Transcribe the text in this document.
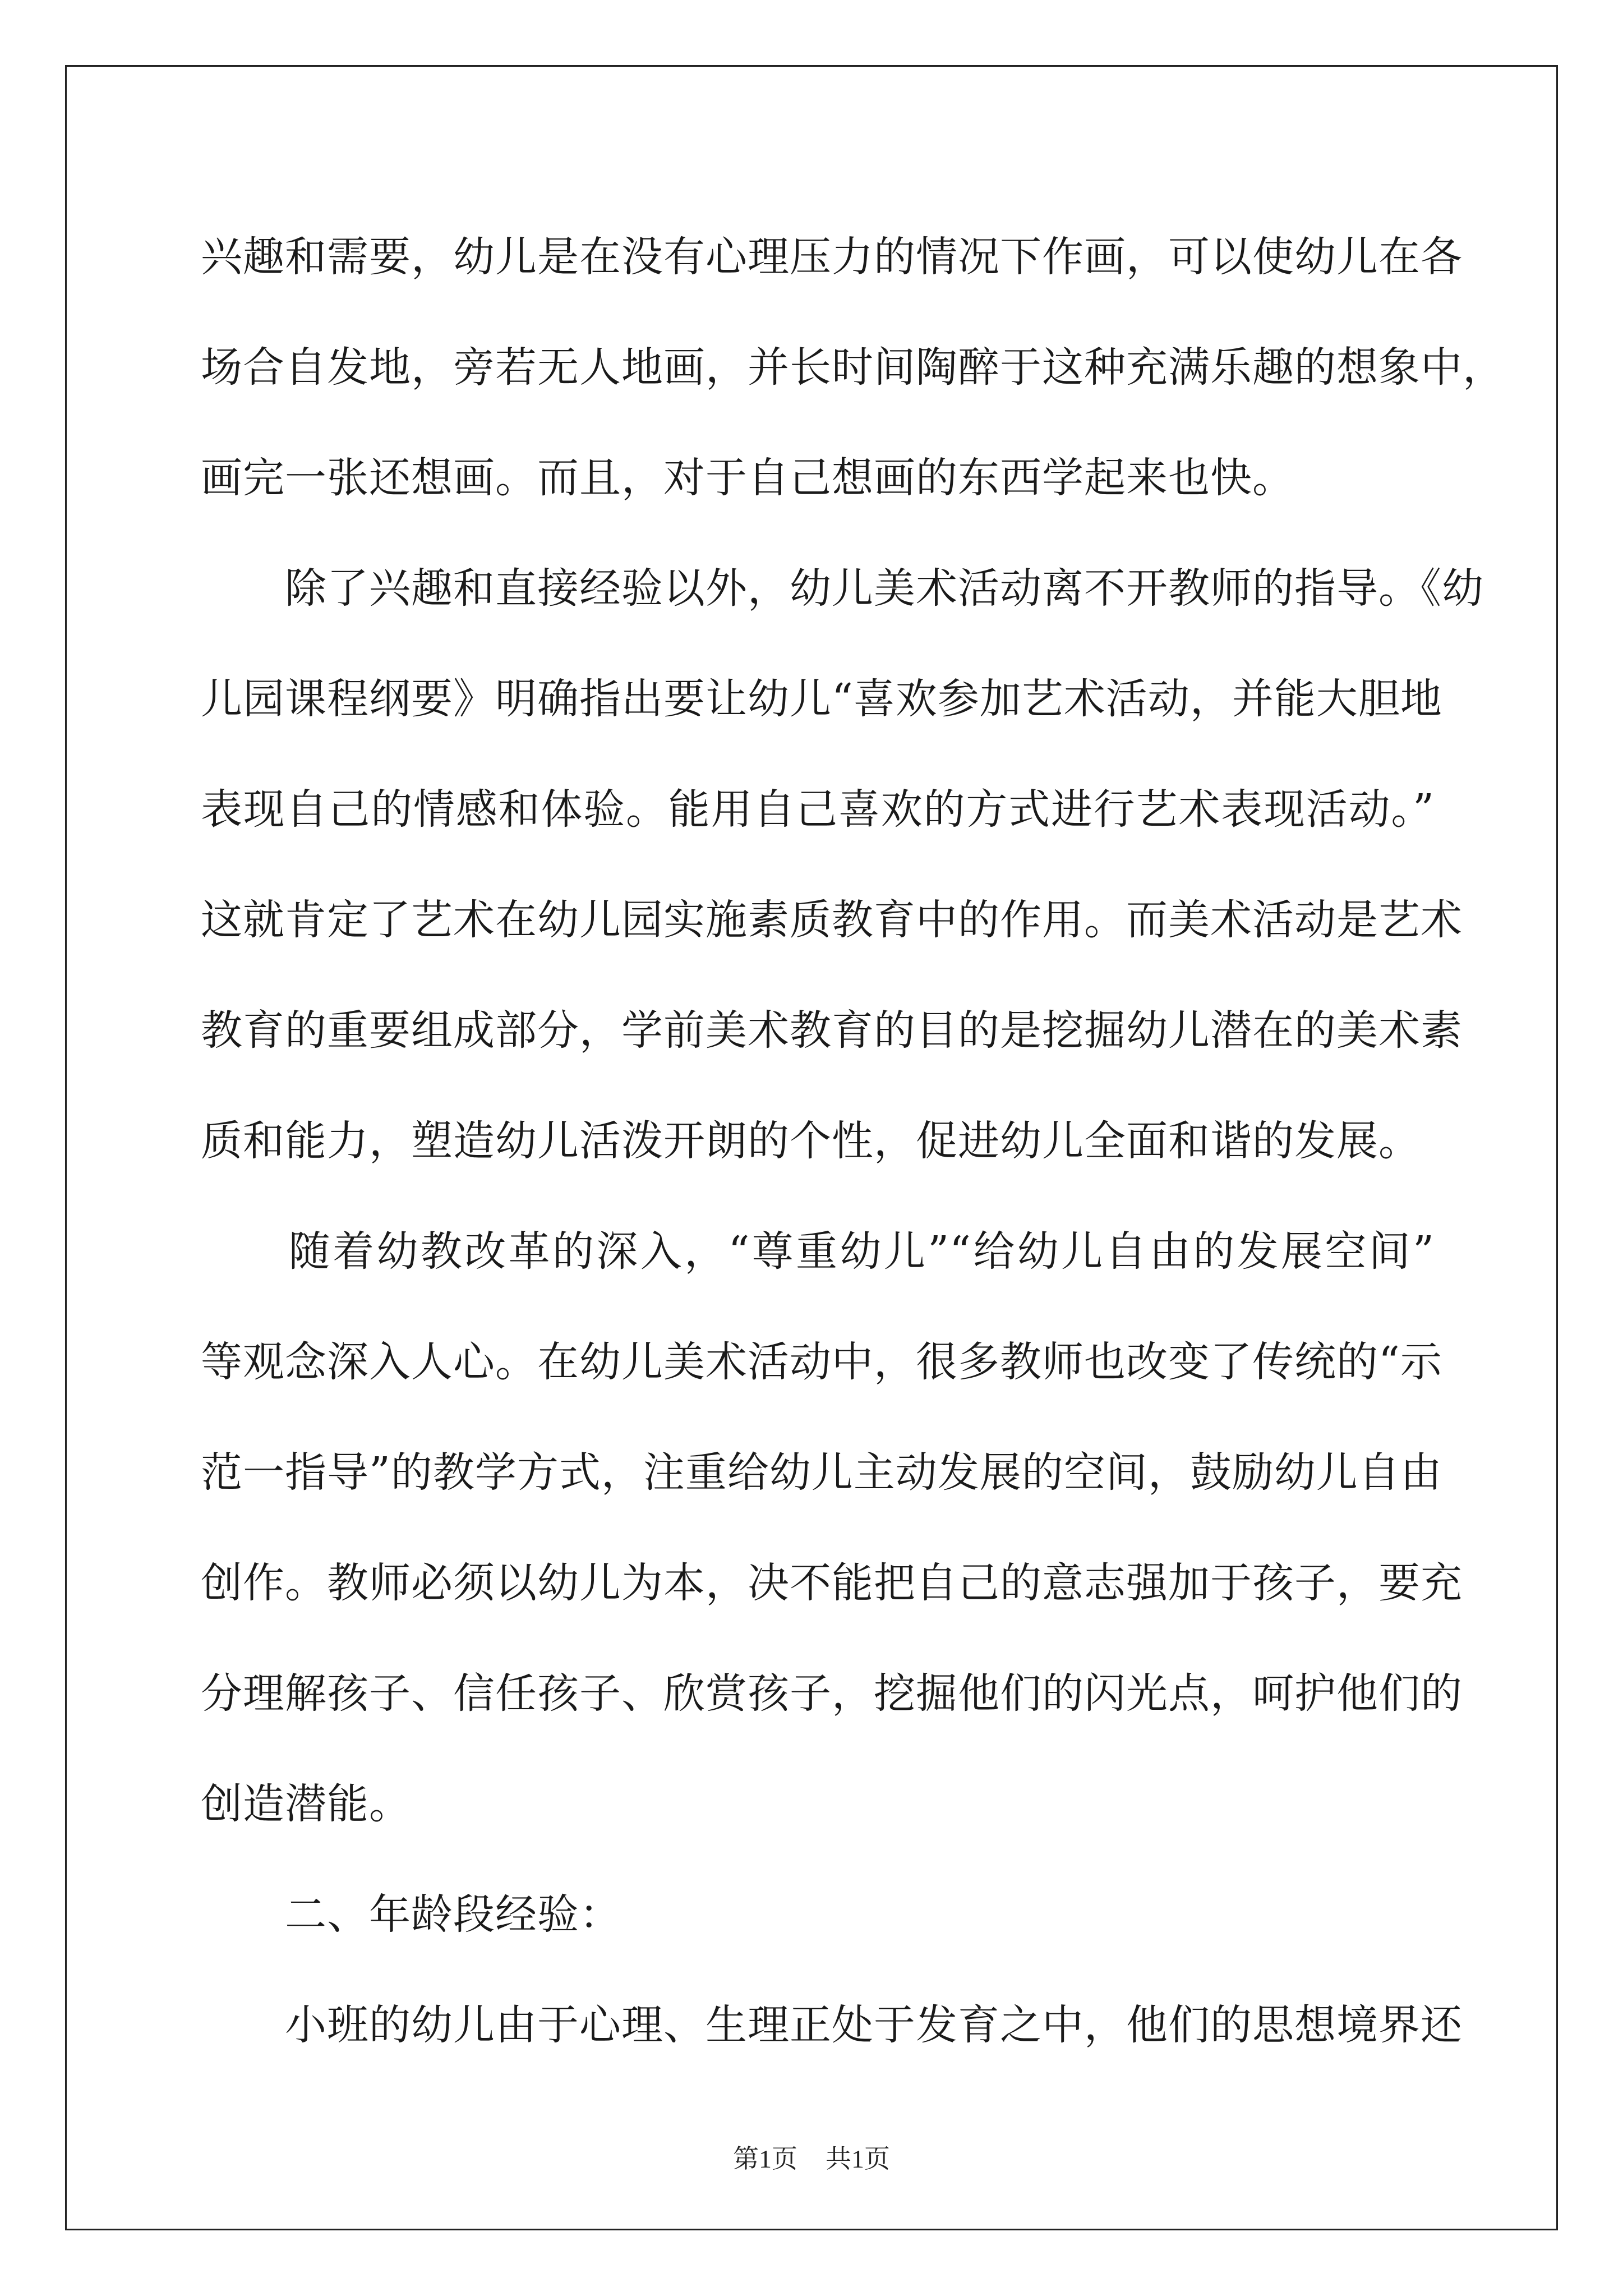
兴趣和需要，幼儿是在没有心理压力的情况下作画，可以使幼儿在各
场合自发地，旁若无人地画，并长时间陶醉于这种充满乐趣的想象中，
画完一张还想画。而且，对于自己想画的东西学起来也快。
　　除了兴趣和直接经验以外，幼儿美术活动离不开教师的指导。《幼
儿园课程纲要》明确指出要让幼儿“喜欢参加艺术活动，并能大胆地
表现自己的情感和体验。能用自己喜欢的方式进行艺术表现活动。”
这就肯定了艺术在幼儿园实施素质教育中的作用。而美术活动是艺术
教育的重要组成部分，学前美术教育的目的是挖掘幼儿潜在的美术素
质和能力，塑造幼儿活泼开朗的个性，促进幼儿全面和谐的发展。
　　随着幼教改革的深入，“尊重幼儿”“给幼儿自由的发展空间”
等观念深入人心。在幼儿美术活动中，很多教师也改变了传统的“示
范一指导”的教学方式，注重给幼儿主动发展的空间，鼓励幼儿自由
创作。教师必须以幼儿为本，决不能把自己的意志强加于孩子，要充
分理解孩子、信任孩子、欣赏孩子，挖掘他们的闪光点，呵护他们的
创造潜能。
　　二、年龄段经验：
　　小班的幼儿由于心理、生理正处于发育之中，他们的思想境界还
第1页 共1页
